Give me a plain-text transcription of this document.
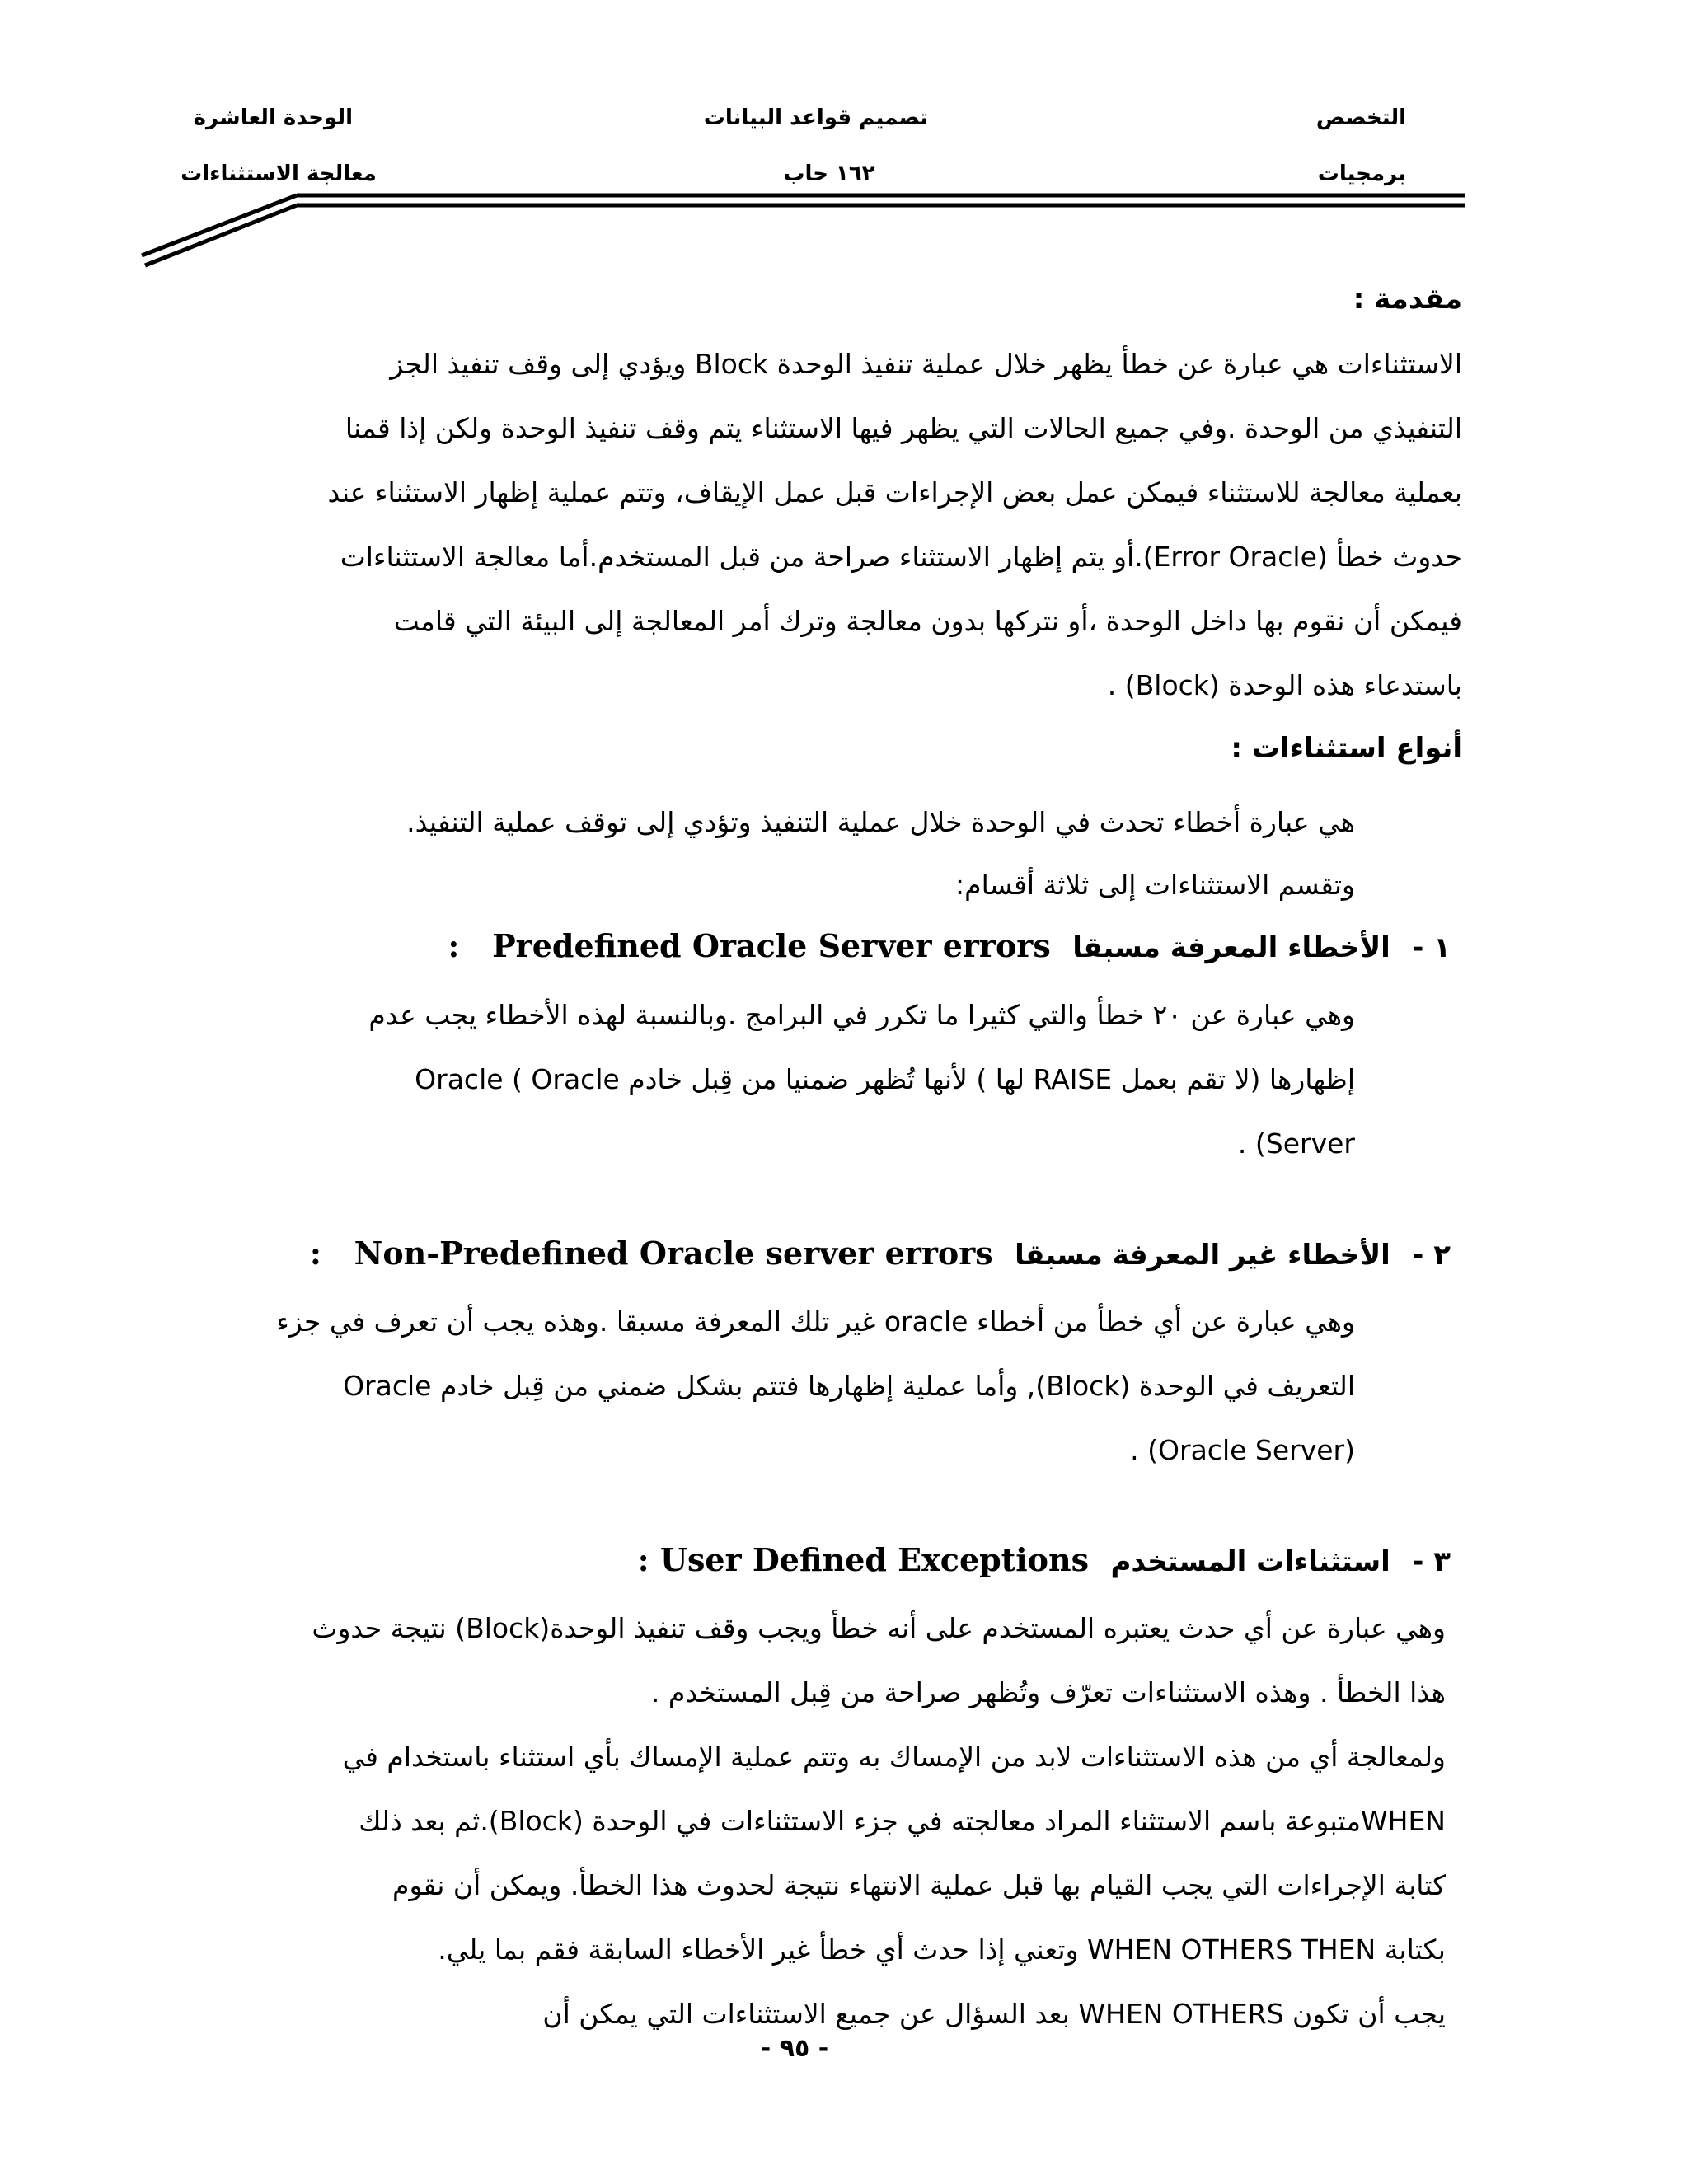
التخصص
برمجيات
تصميم قواعد البيانات
١٦٢ حاب
الوحدة العاشرة
معالجة الاستثناءات
مقدمة :

الاستثناءات هي عبارة عن خطأ يظهر خلال عملية تنفيذ الوحدة Block ويؤدي إلى وقف تنفيذ الجز

التنفيذي من الوحدة .وفي جميع الحالات التي يظهر فيها الاستثناء يتم وقف تنفيذ الوحدة ولكن إذا قمنا

بعملية معالجة للاستثناء فيمكن عمل بعض الإجراءات قبل عمل الإيقاف، وتتم عملية إظهار الاستثناء عند

حدوث خطأ (Error Oracle).أو يتم إظهار الاستثناء صراحة من قبل المستخدم.أما معالجة الاستثناءات

فيمكن أن نقوم بها داخل الوحدة ،أو نتركها بدون معالجة وترك أمر المعالجة إلى البيئة التي قامت

باستدعاء هذه الوحدة (Block) .

أنواع استثناءات :

هي عبارة أخطاء تحدث في الوحدة خلال عملية التنفيذ وتؤدي إلى توقف عملية التنفيذ.

وتقسم الاستثناءات إلى ثلاثة أقسام:

١ -  الأخطاء المعرفة مسبقا  Predefined Oracle Server errors   :

وهي عبارة عن ٢٠ خطأ والتي كثيرا ما تكرر في البرامج .وبالنسبة لهذه الأخطاء يجب عدم

إظهارها (لا تقم بعمل RAISE لها ) لأنها تُظهر ضمنيا من قِبل خادم Oracle ( Oracle

Server) .

٢ -  الأخطاء غير المعرفة مسبقا  Non-Predefined Oracle server errors   :

وهي عبارة عن أي خطأ من أخطاء oracle غير تلك المعرفة مسبقا .وهذه يجب أن تعرف في جزء

التعريف في الوحدة (Block), وأما عملية إظهارها فتتم بشكل ضمني من قِبل خادم Oracle

(Oracle Server) .

٣ -  استثناءات المستخدم  User Defined Exceptions :

وهي عبارة عن أي حدث يعتبره المستخدم على أنه خطأ ويجب وقف تنفيذ الوحدة(Block) نتيجة حدوث

هذا الخطأ . وهذه الاستثناءات تعرّف وتُظهر صراحة من قِبل المستخدم .

ولمعالجة أي من هذه الاستثناءات لابد من الإمساك به وتتم عملية الإمساك بأي استثناء باستخدام في

WHENمتبوعة باسم الاستثناء المراد معالجته في جزء الاستثناءات في الوحدة (Block).ثم بعد ذلك

كتابة الإجراءات التي يجب القيام بها قبل عملية الانتهاء نتيجة لحدوث هذا الخطأ. ويمكن أن نقوم

بكتابة WHEN OTHERS THEN وتعني إذا حدث أي خطأ غير الأخطاء السابقة فقم بما يلي.

يجب أن تكون WHEN OTHERS بعد السؤال عن جميع الاستثناءات التي يمكن أن

- ٩٥ -
